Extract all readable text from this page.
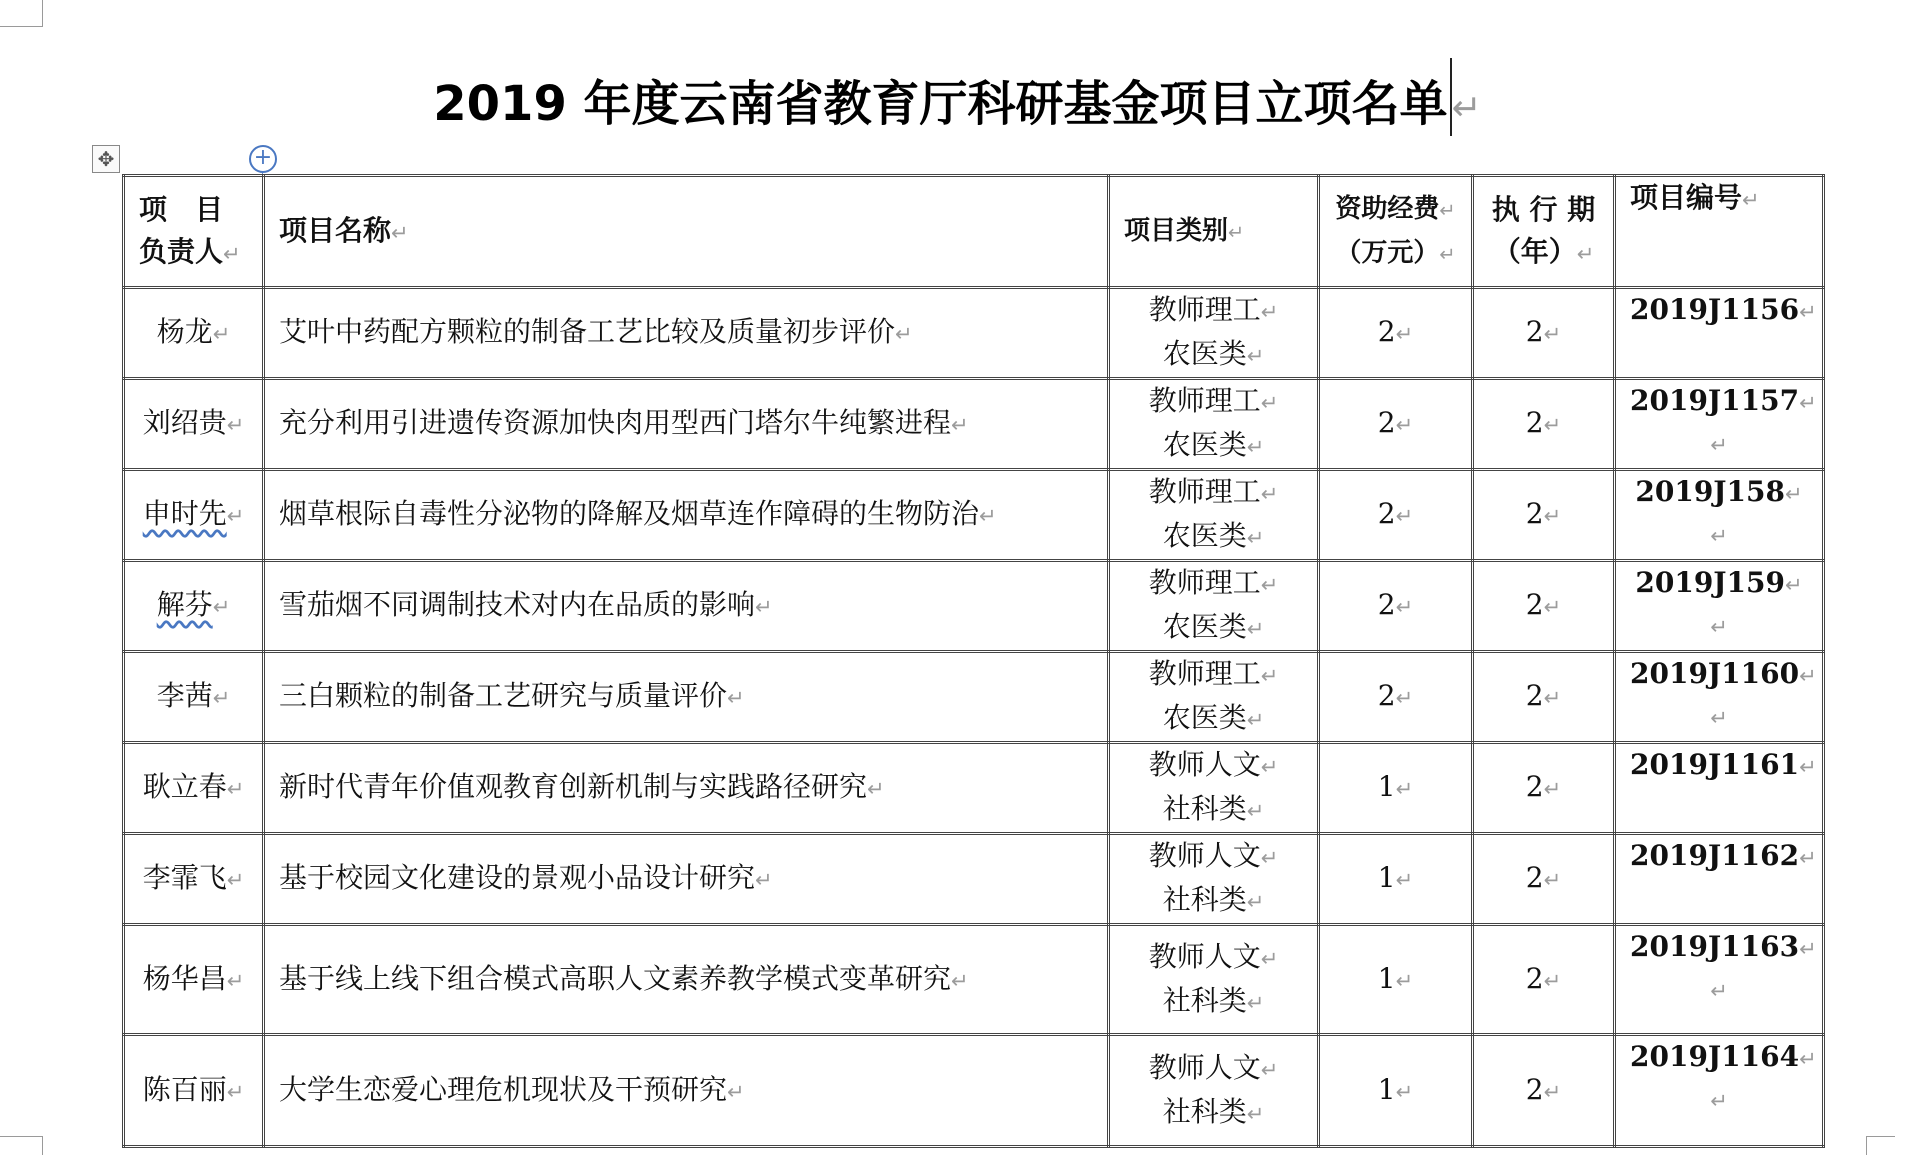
2019 年度云南省教育厅科研基金项目立项名单 ↵
✥	+
项　目
负责人↵	项目名称↵	项目类别↵	资助经费↵
（万元）↵	执 行 期
（年）↵	项目编号↵	
杨龙↵	艾叶中药配方颗粒的制备工艺比较及质量初步评价↵	教师理工↵
农医类↵	2↵	2↵	2019J1156↵

刘绍贵↵	充分利用引进遗传资源加快肉用型西门塔尔牛纯繁进程↵	教师理工↵
农医类↵	2↵	2↵	2019J1157↵
↵

申时先↵	烟草根际自毒性分泌物的降解及烟草连作障碍的生物防治↵	教师理工↵
农医类↵	2↵	2↵	2019J158↵
↵

解芬↵	雪茄烟不同调制技术对内在品质的影响↵	教师理工↵
农医类↵	2↵	2↵	2019J159↵
↵

李茜↵	三白颗粒的制备工艺研究与质量评价↵	教师理工↵
农医类↵	2↵	2↵	2019J1160↵
↵

耿立春↵	新时代青年价值观教育创新机制与实践路径研究↵	教师人文↵
社科类↵	1↵	2↵	2019J1161↵

李霏飞↵	基于校园文化建设的景观小品设计研究↵	教师人文↵
社科类↵	1↵	2↵	2019J1162↵

杨华昌↵	基于线上线下组合模式高职人文素养教学模式变革研究↵	教师人文↵
社科类↵	1↵	2↵	2019J1163↵
↵

陈百丽↵	大学生恋爱心理危机现状及干预研究↵	教师人文↵
社科类↵	1↵	2↵	2019J1164↵
↵
